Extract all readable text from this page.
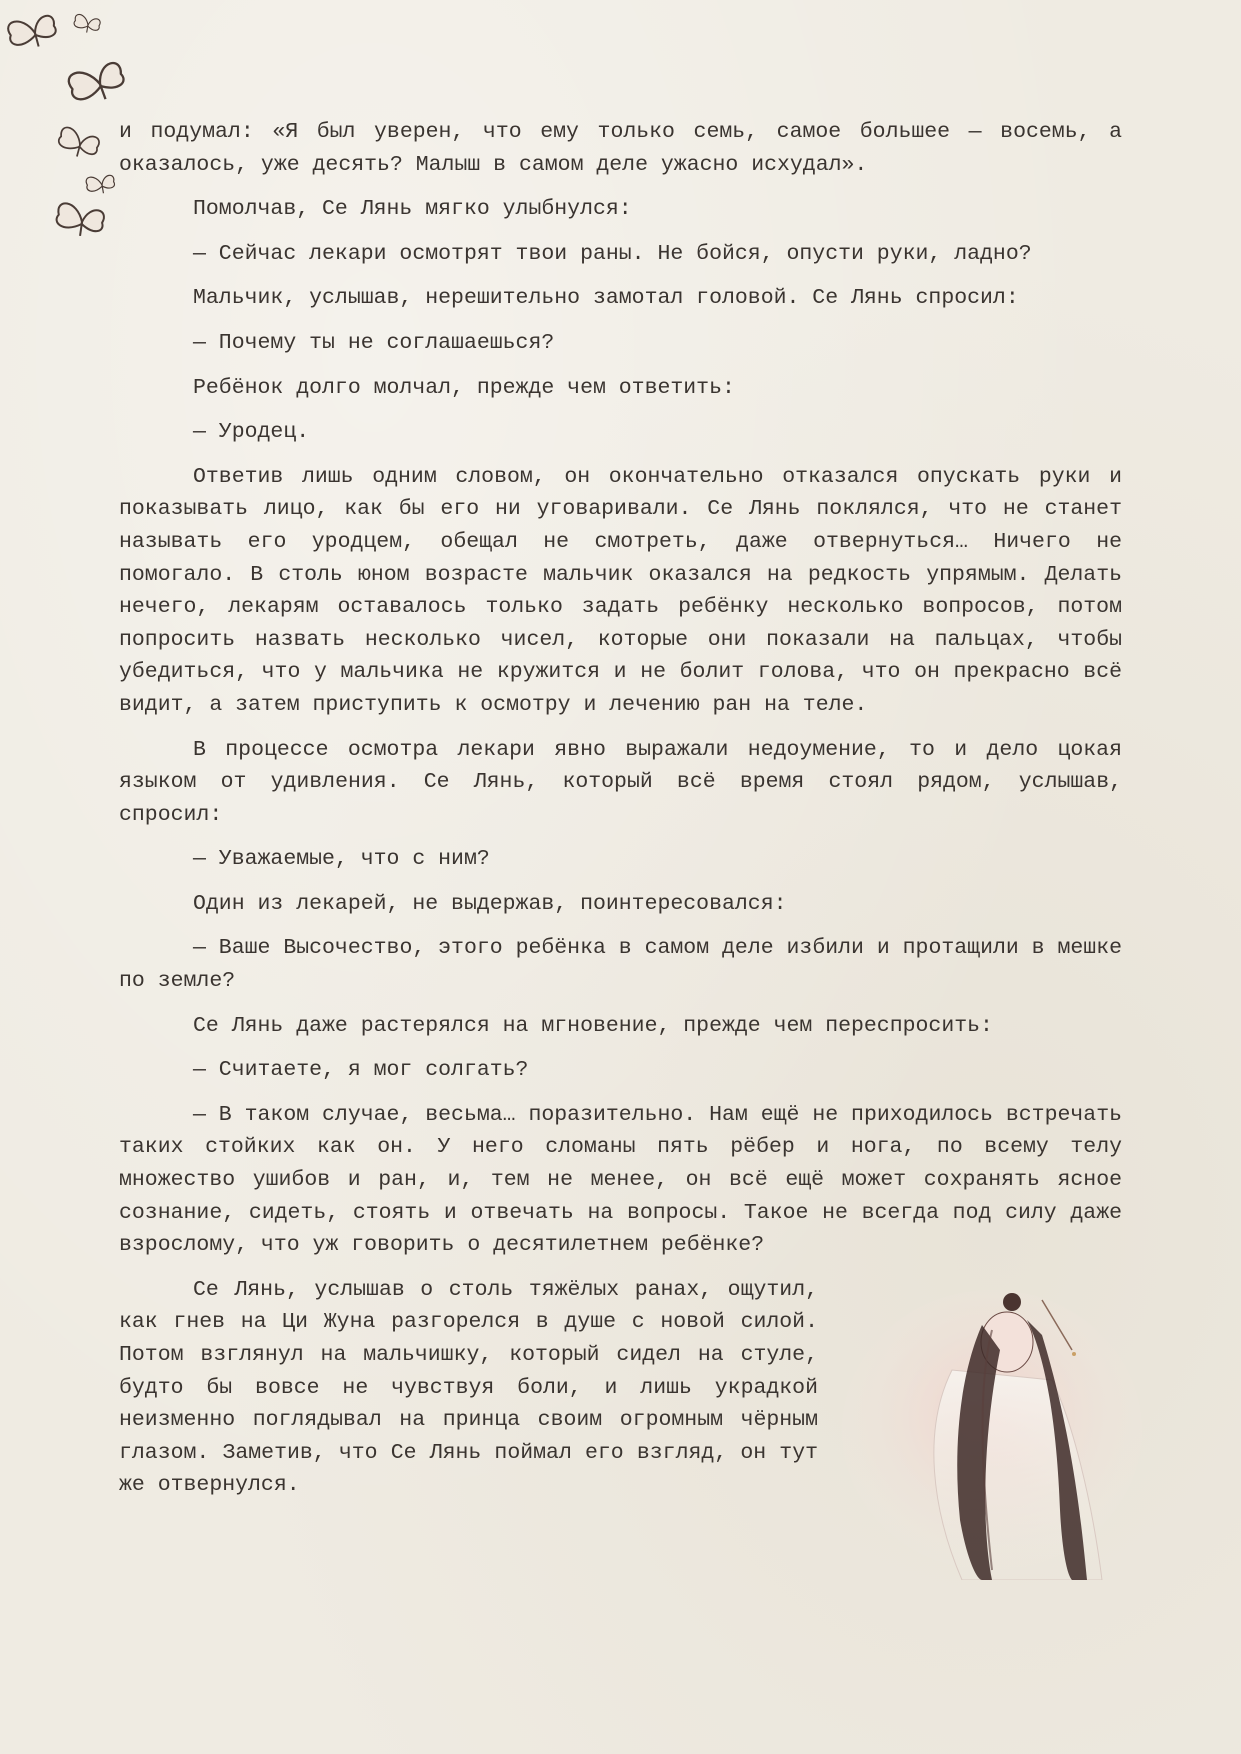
и подумал: «Я был уверен, что ему только семь, самое большее — восемь, а оказалось, уже десять? Малыш в самом деле ужасно исхудал».

Помолчав, Се Лянь мягко улыбнулся:

— Сейчас лекари осмотрят твои раны. Не бойся, опусти руки, ладно?

Мальчик, услышав, нерешительно замотал головой. Се Лянь спросил:

— Почему ты не соглашаешься?

Ребёнок долго молчал, прежде чем ответить:

— Уродец.

Ответив лишь одним словом, он окончательно отказался опускать руки и показывать лицо, как бы его ни уговаривали. Се Лянь поклялся, что не станет называть его уродцем, обещал не смотреть, даже отвернуться… Ничего не помогало. В столь юном возрасте мальчик оказался на редкость упрямым. Делать нечего, лекарям оставалось только задать ребёнку несколько вопросов, потом попросить назвать несколько чисел, которые они показали на пальцах, чтобы убедиться, что у мальчика не кружится и не болит голова, что он прекрасно всё видит, а затем приступить к осмотру и лечению ран на теле.

В процессе осмотра лекари явно выражали недоумение, то и дело цокая языком от удивления. Се Лянь, который всё время стоял рядом, услышав, спросил:

— Уважаемые, что с ним?

Один из лекарей, не выдержав, поинтересовался:

— Ваше Высочество, этого ребёнка в самом деле избили и протащили в мешке по земле?

Се Лянь даже растерялся на мгновение, прежде чем переспросить:

— Считаете, я мог солгать?

— В таком случае, весьма… поразительно. Нам ещё не приходилось встречать таких стойких как он. У него сломаны пять рёбер и нога, по всему телу множество ушибов и ран, и, тем не менее, он всё ещё может сохранять ясное сознание, сидеть, стоять и отвечать на вопросы. Такое не всегда под силу даже взрослому, что уж говорить о десятилетнем ребёнке?

Се Лянь, услышав о столь тяжёлых ранах, ощутил, как гнев на Ци Жуна разгорелся в душе с новой силой. Потом взглянул на мальчишку, который сидел на стуле, будто бы вовсе не чувствуя боли, и лишь украдкой неизменно поглядывал на принца своим огромным чёрным глазом. Заметив, что Се Лянь поймал его взгляд, он тут же отвернулся.
